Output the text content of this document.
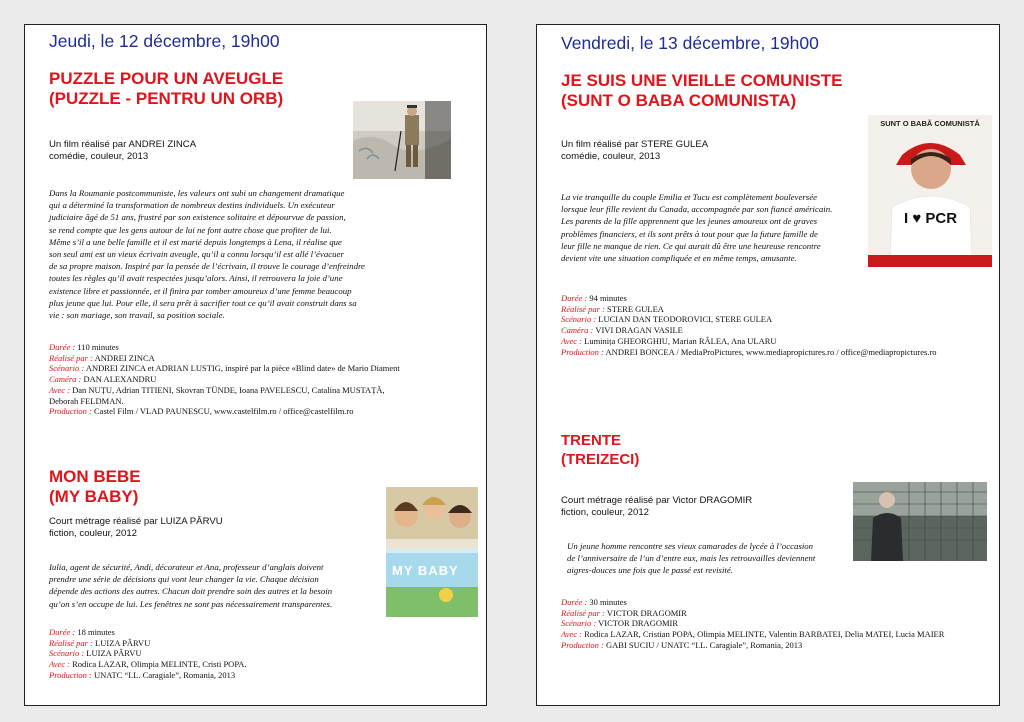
Jeudi, le 12 décembre, 19h00
PUZZLE POUR UN AVEUGLE
(PUZZLE - PENTRU UN ORB)
Un film réalisé par ANDREI ZINCA
comédie, couleur, 2013
Dans la Roumanie postcommuniste, les valeurs ont subi un changement dramatique
qui a déterminé la transformation de nombreux destins individuels. Un exécuteur
judiciaire âgé de 51 ans, frustré par son existence solitaire et dépourvue de passion,
se rend compte que les gens autour de lui ne font autre chose que profiter de lui.
Même s’il a une belle famille et il est marié depuis longtemps à Lena, il réalise que
son seul ami est un vieux écrivain aveugle, qu’il a connu lorsqu’il est allé l’évacuer
de sa propre maison. Inspiré par la pensée de l’écrivain, il trouve le courage d’enfreindre
toutes les règles qu’il avait respectées jusqu’alors. Ainsi, il retrouvera la joie d’une
existence libre et passionnée, et il finira par tomber amoureux d’une femme beaucoup
plus jeune que lui. Pour elle, il sera prêt à sacrifier tout ce qu’il avait construit dans sa
vie : son mariage, son travail, sa position sociale.
Durée : 110 minutes
Réalisé par : ANDREI ZINCA
Scénario : ANDREI ZINCA et ADRIAN LUSTIG, inspiré par la pièce «Blind date» de Mario Diament
Caméra : DAN ALEXANDRU
Avec : Dan NUȚU, Adrian TITIENI, Skovran TÜNDE, Ioana PAVELESCU, Catalina MUSTAȚĂ,
Deborah FELDMAN.
Production : Castel Film / VLAD PAUNESCU, www.castelfilm.ro / office@castelfilm.ro
MON BEBE
(MY BABY)
MY BABY
Court métrage réalisé par LUIZA PÂRVU
fiction, couleur, 2012
Iulia, agent de sécurité, Andi, décorateur et Ana, professeur d’anglais doivent
prendre une série de décisions qui vont leur changer la vie. Chaque décision
dépende des actions des autres. Chacun doit prendre soin des autres et la besoin
qu’on s’en occupe de lui. Les fenêtres ne sont pas nécessairement transparentes.
Durée : 18 minutes
Réalisé par : LUIZA PÂRVU
Scénario : LUIZA PÂRVU
Avec : Rodica LAZAR, Olimpia MELINTE, Cristi POPA.
Production : UNATC “I.L. Caragiale”, Romania, 2013
Vendredi, le 13 décembre, 19h00
JE SUIS UNE VIEILLE COMUNISTE
(SUNT O BABA COMUNISTA)
Un film réalisé par STERE GULEA
comédie, couleur, 2013
SUNT O BABĂ COMUNISTĂ
I ♥ PCR
La vie tranquille du couple Emilia et Tucu est complètement bouleversée
lorsque leur fille revient du Canada, accompagnée par son fiancé américain.
Les parents de la fille apprennent que les jeunes amoureux ont de graves
problèmes financiers, et ils sont prêts à tout pour que la future famille de
leur fille ne manque de rien. Ce qui aurait dû être une heureuse rencontre
devient vite une situation compliquée et en même temps, amusante.
Durée : 94 minutes
Réalisé par : STERE GULEA
Scénario : LUCIAN DAN TEODOROVICI, STERE GULEA
Caméra : VIVI DRAGAN VASILE
Avec : Luminița GHEORGHIU, Marian RÂLEA, Ana ULARU
Production : ANDREI BONCEA / MediaProPictures, www.mediapropictures.ro / office@mediapropictures.ro
TRENTE
(TREIZECI)
Court métrage réalisé par Victor DRAGOMIR
fiction, couleur, 2012
Un jeune homme rencontre ses vieux camarades de lycée à l’occasion
de l’anniversaire de l’un d’entre eux, mais les retrouvailles deviennent
aigres-douces une fois que le passé est revisité.
Durée : 30 minutes
Réalisé par : VICTOR DRAGOMIR
Scénario : VICTOR DRAGOMIR
Avec : Rodica LAZAR, Cristian POPA, Olimpia MELINTE, Valentin BARBATEI, Delia MATEI, Lucia MAIER
Production : GABI SUCIU / UNATC “I.L. Caragiale”, Romania, 2013
